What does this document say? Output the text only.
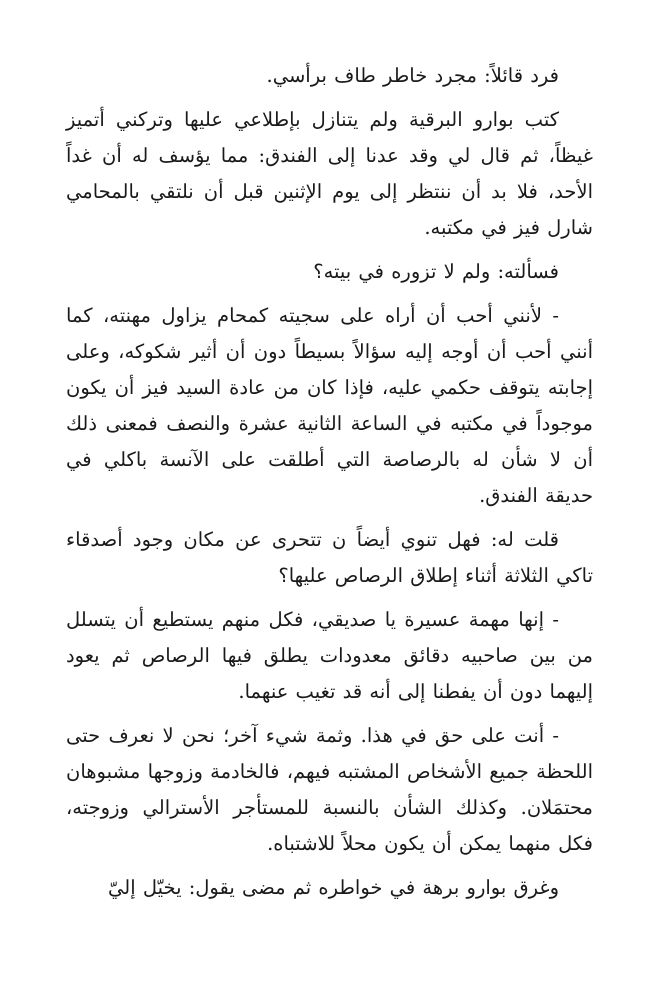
فرد قائلاً: مجرد خاطر طاف برأسي.

كتب بوارو البرقية ولم يتنازل بإطلاعي عليها وتركني أتميز غيظاً، ثم قال لي وقد عدنا إلى الفندق: مما يؤسف له أن غداً الأحد، فلا بد أن ننتظر إلى يوم الإثنين قبل أن نلتقي بالمحامي شارل فيز في مكتبه.

فسألته: ولم لا تزوره في بيته؟

- لأنني أحب أن أراه على سجيته كمحام يزاول مهنته، كما أنني أحب أن أوجه إليه سؤالاً بسيطاً دون أن أثير شكوكه، وعلى إجابته يتوقف حكمي عليه، فإذا كان من عادة السيد فيز أن يكون موجوداً في مكتبه في الساعة الثانية عشرة والنصف فمعنى ذلك أن لا شأن له بالرصاصة التي أطلقت على الآنسة باكلي في حديقة الفندق.

قلت له: فهل تنوي أيضاً ن تتحرى عن مكان وجود أصدقاء تاكي الثلاثة أثناء إطلاق الرصاص عليها؟

- إنها مهمة عسيرة يا صديقي، فكل منهم يستطيع أن يتسلل من بين صاحبيه دقائق معدودات يطلق فيها الرصاص ثم يعود إليهما دون أن يفطنا إلى أنه قد تغيب عنهما.

- أنت على حق في هذا. وثمة شيء آخر؛ نحن لا نعرف حتى اللحظة جميع الأشخاص المشتبه فيهم، فالخادمة وزوجها مشبوهان محتمَلان. وكذلك الشأن بالنسبة للمستأجر الأسترالي وزوجته، فكل منهما يمكن أن يكون محلاً للاشتباه.

وغرق بوارو برهة في خواطره ثم مضى يقول: يخيّل إليّ
